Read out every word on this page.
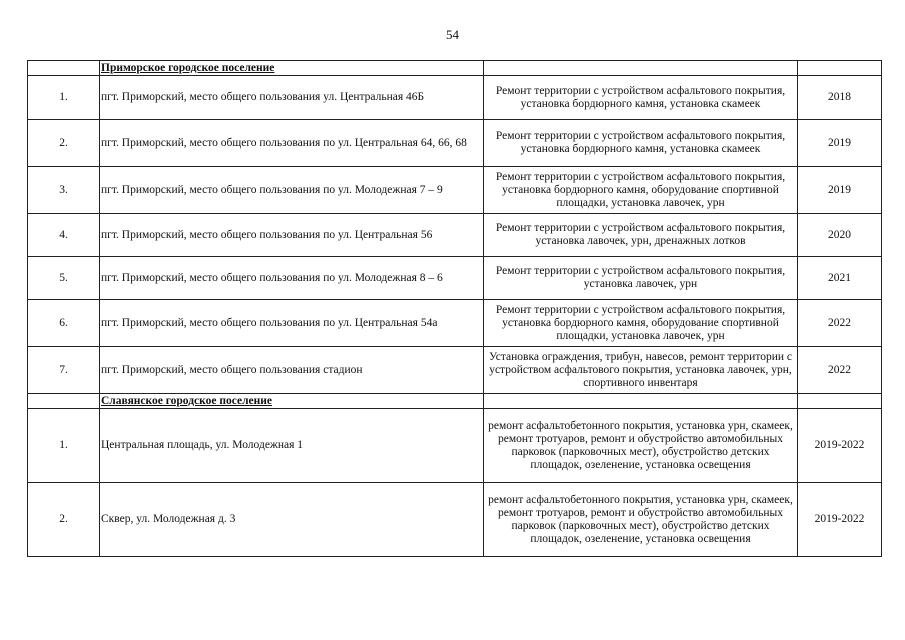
54
	Приморское городское поселение		
1.	пгт. Приморский, место общего пользования ул. Центральная 46Б	Ремонт территории с устройством асфальтового покрытия, установка бордюрного камня, установка скамеек	2018
2.	пгт. Приморский, место общего пользования по ул. Центральная 64, 66, 68	Ремонт территории с устройством асфальтового покрытия, установка бордюрного камня, установка скамеек	2019
3.	пгт. Приморский, место общего пользования по ул. Молодежная 7 – 9	Ремонт территории с устройством асфальтового покрытия, установка бордюрного камня, оборудование спортивной площадки, установка лавочек, урн	2019
4.	пгт. Приморский, место общего пользования по ул. Центральная 56	Ремонт территории с устройством асфальтового покрытия, установка лавочек, урн, дренажных лотков	2020
5.	пгт. Приморский, место общего пользования по ул. Молодежная 8 – 6	Ремонт территории с устройством асфальтового покрытия, установка лавочек, урн	2021
6.	пгт. Приморский, место общего пользования по ул. Центральная 54а	Ремонт территории с устройством асфальтового покрытия, установка бордюрного камня, оборудование спортивной площадки, установка лавочек, урн	2022
7.	пгт. Приморский, место общего пользования стадион	Установка ограждения, трибун, навесов, ремонт территории с устройством асфальтового покрытия, установка лавочек, урн, спортивного инвентаря	2022
	Славянское городское поселение		
1.	Центральная площадь, ул. Молодежная 1	ремонт асфальтобетонного покрытия, установка урн, скамеек, ремонт тротуаров, ремонт и обустройство автомобильных парковок (парковочных мест), обустройство детских площадок, озеленение, установка освещения	2019-2022
2.	Сквер, ул. Молодежная д. 3	ремонт асфальтобетонного покрытия, установка урн, скамеек, ремонт тротуаров, ремонт и обустройство автомобильных парковок (парковочных мест), обустройство детских площадок, озеленение, установка освещения	2019-2022
